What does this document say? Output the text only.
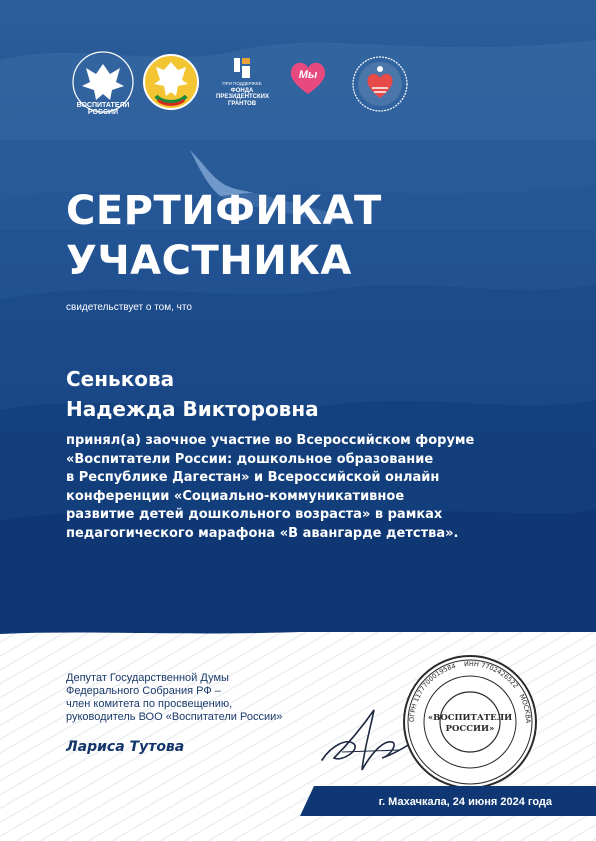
ВОСПИТАТЕЛИ
РОССИИ
ПРИ ПОДДЕРЖКЕ
ФОНДА
ПРЕЗИДЕНТСКИХ
ГРАНТОВ
Мы
СЕРТИФИКАТ
УЧАСТНИКА
свидетельствует о том, что
Сенькова
Надежда Викторовна
принял(а) заочное участие во Всероссийском форуме
«Воспитатели России: дошкольное образование
в Республике Дагестан» и Всероссийской онлайн
конференции «Социально-коммуникативное
развитие детей дошкольного возраста» в рамках
педагогического марафона «В авангарде детства».
Депутат Государственной Думы
Федерального Собрания РФ –
член комитета по просвещению,
руководитель ВОО «Воспитатели России»
Лариса Тутова
ОГРН 1177700019584 ИНН 7702426522 МОСКВА
«ВОСПИТАТЕЛИ
РОССИИ»
г. Махачкала, 24 июня 2024 года
